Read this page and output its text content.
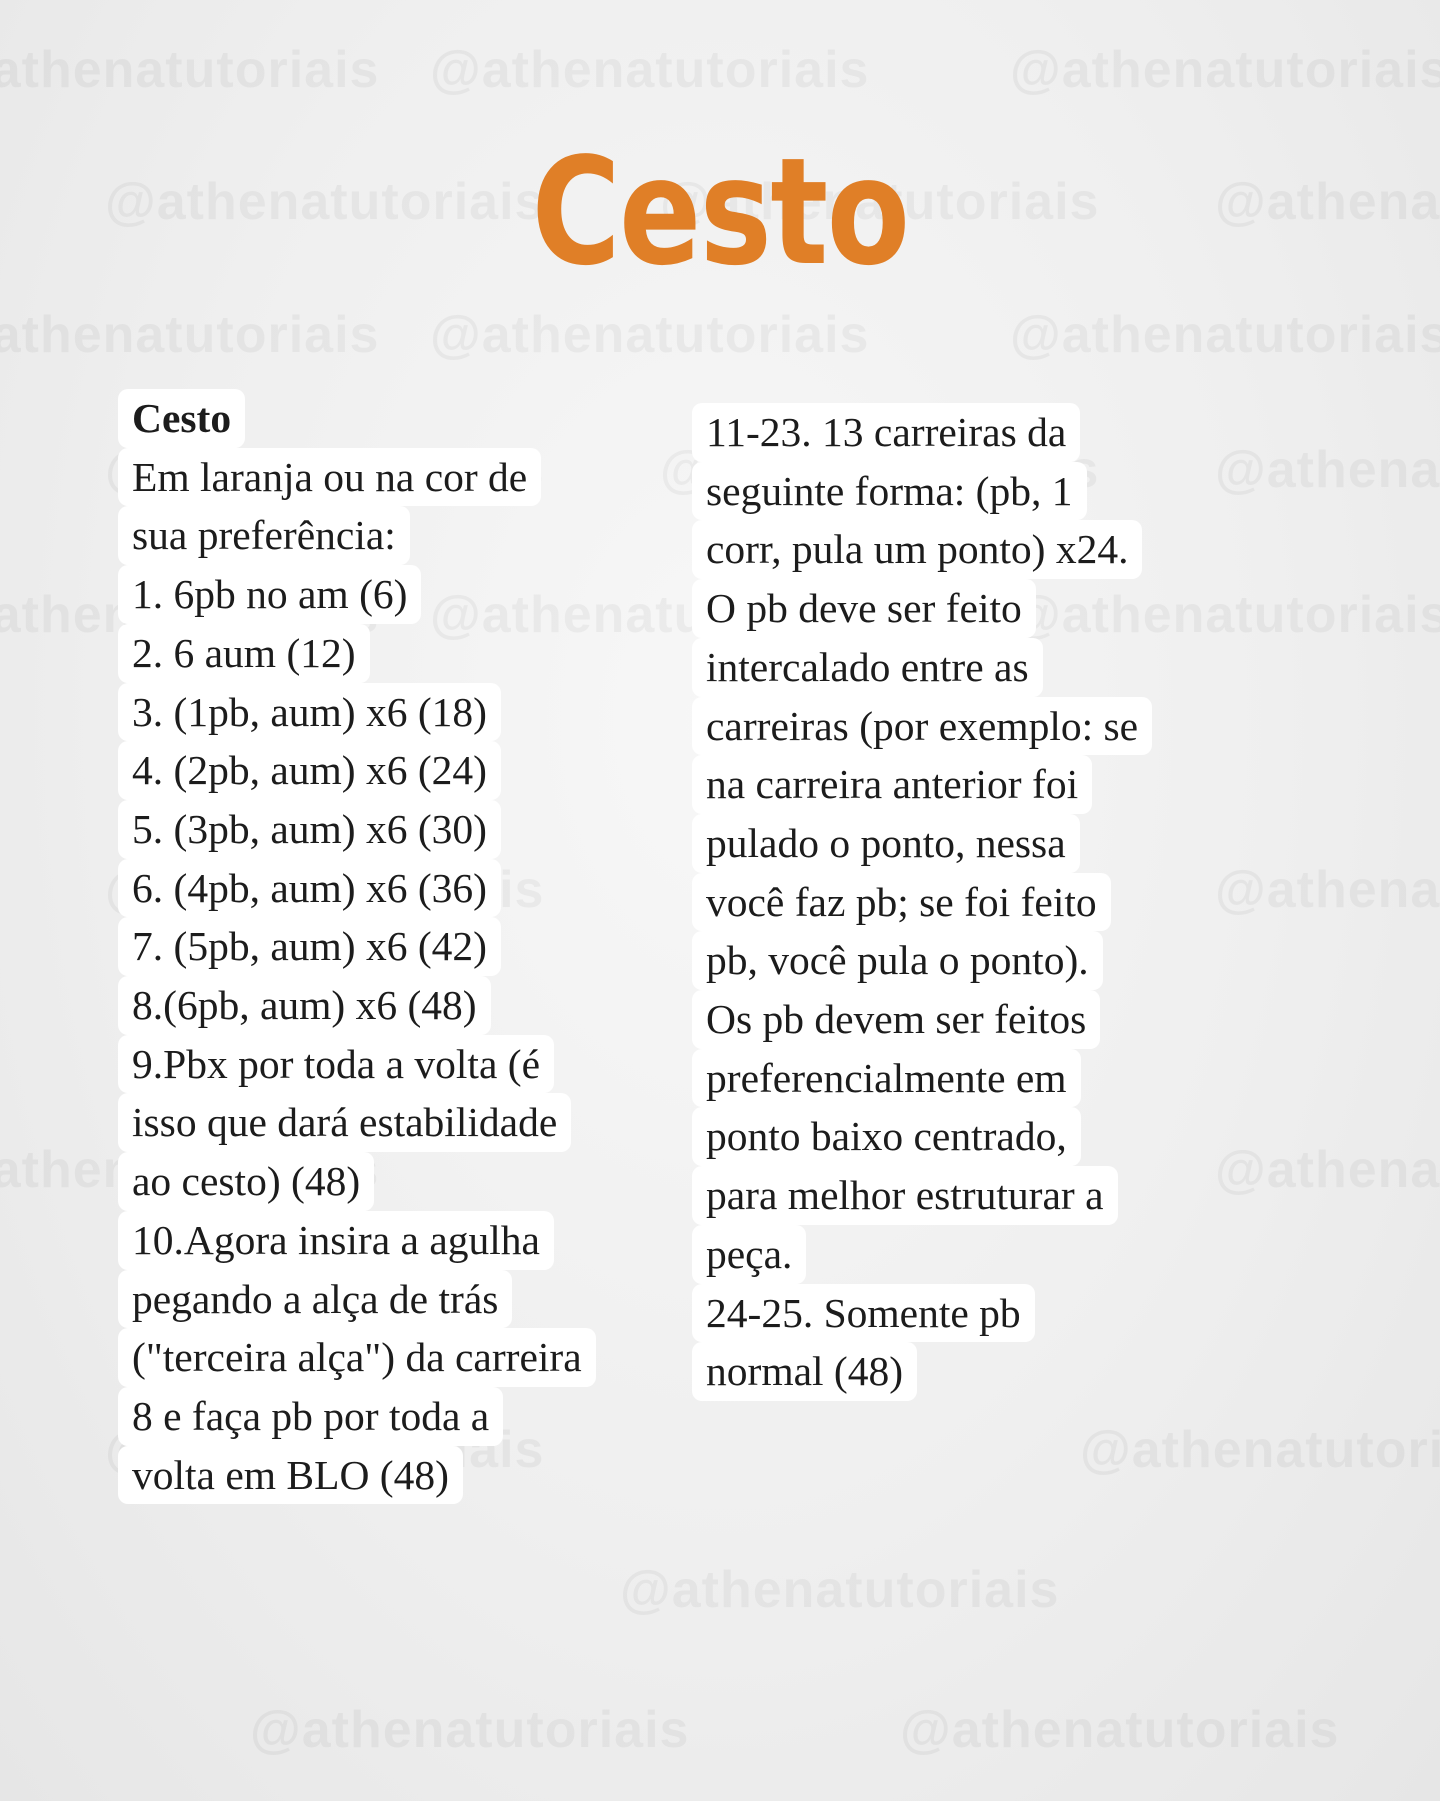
Cesto
Cesto
Em laranja ou na cor de
sua preferência:
1. 6pb no am (6)
2. 6 aum (12)
3. (1pb, aum) x6 (18)
4. (2pb, aum) x6 (24)
5. (3pb, aum) x6 (30)
6. (4pb, aum) x6 (36)
7. (5pb, aum) x6 (42)
8.(6pb, aum) x6 (48)
9.Pbx por toda a volta (é
isso que dará estabilidade
ao cesto) (48)
10.Agora insira a agulha
pegando a alça de trás
("terceira alça") da carreira
8 e faça pb por toda a
volta em BLO (48)
11-23. 13 carreiras da
seguinte forma: (pb, 1
corr, pula um ponto) x24.
O pb deve ser feito
intercalado entre as
carreiras (por exemplo: se
na carreira anterior foi
pulado o ponto, nessa
você faz pb; se foi feito
pb, você pula o ponto).
Os pb devem ser feitos
preferencialmente em
ponto baixo centrado,
para melhor estruturar a
peça.
24-25. Somente pb
normal (48)
